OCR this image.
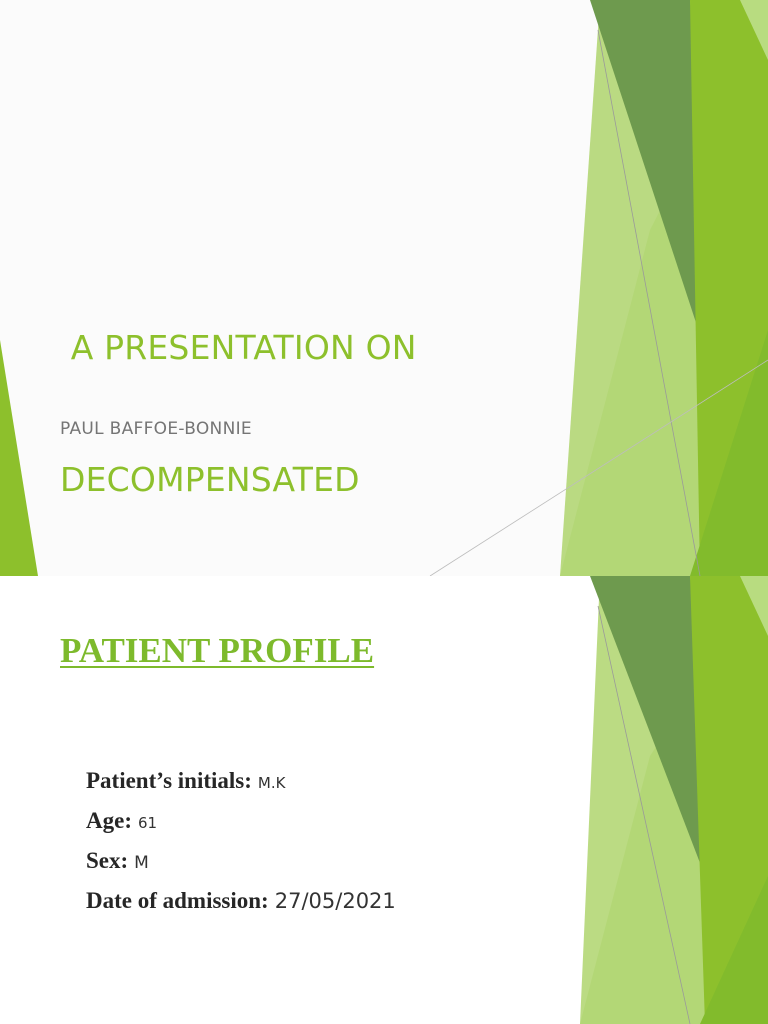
A PRESENTATION ON

DECOMPENSATED

PAUL BAFFOE-BONNIE

PATIENT PROFILE
Patient’s initials: M.K
Age: 61
Sex: M
Date of admission: 27/05/2021
